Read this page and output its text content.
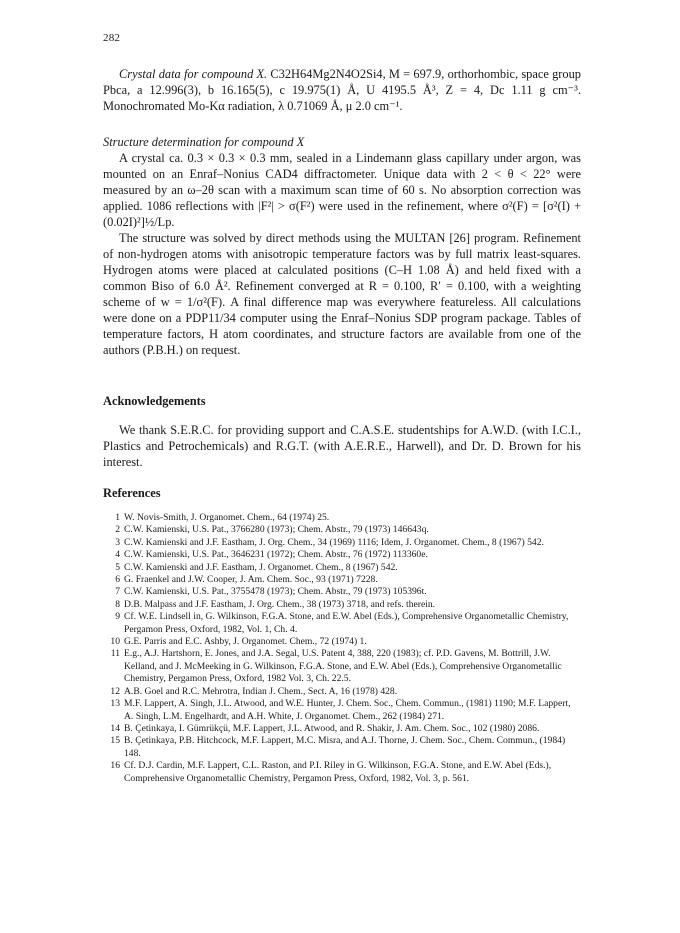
282

Crystal data for compound X. C32H64Mg2N4O2Si4, M = 697.9, orthorhombic, space group Pbca, a 12.996(3), b 16.165(5), c 19.975(1) Å, U 4195.5 Å³, Z = 4, Dc 1.11 g cm⁻³. Monochromated Mo-Kα radiation, λ 0.71069 Å, μ 2.0 cm⁻¹.

Structure determination for compound X

A crystal ca. 0.3 × 0.3 × 0.3 mm, sealed in a Lindemann glass capillary under argon, was mounted on an Enraf–Nonius CAD4 diffractometer. Unique data with 2 < θ < 22° were measured by an ω–2θ scan with a maximum scan time of 60 s. No absorption correction was applied. 1086 reflections with |F²| > σ(F²) were used in the refinement, where σ²(F) = [σ²(I) + (0.02I)²]½/Lp.

The structure was solved by direct methods using the MULTAN [26] program. Refinement of non-hydrogen atoms with anisotropic temperature factors was by full matrix least-squares. Hydrogen atoms were placed at calculated positions (C–H 1.08 Å) and held fixed with a common Biso of 6.0 Å². Refinement converged at R = 0.100, R′ = 0.100, with a weighting scheme of w = 1/σ²(F). A final difference map was everywhere featureless. All calculations were done on a PDP11/34 computer using the Enraf–Nonius SDP program package. Tables of temperature factors, H atom coordinates, and structure factors are available from one of the authors (P.B.H.) on request.

Acknowledgements

We thank S.E.R.C. for providing support and C.A.S.E. studentships for A.W.D. (with I.C.I., Plastics and Petrochemicals) and R.G.T. (with A.E.R.E., Harwell), and Dr. D. Brown for his interest.

References
1 W. Novis-Smith, J. Organomet. Chem., 64 (1974) 25.
2 C.W. Kamienski, U.S. Pat., 3766280 (1973); Chem. Abstr., 79 (1973) 146643q.
3 C.W. Kamienski and J.F. Eastham, J. Org. Chem., 34 (1969) 1116; Idem, J. Organomet. Chem., 8 (1967) 542.
4 C.W. Kamienski, U.S. Pat., 3646231 (1972); Chem. Abstr., 76 (1972) 113360e.
5 C.W. Kamienski and J.F. Eastham, J. Organomet. Chem., 8 (1967) 542.
6 G. Fraenkel and J.W. Cooper, J. Am. Chem. Soc., 93 (1971) 7228.
7 C.W. Kamienski, U.S. Pat., 3755478 (1973); Chem. Abstr., 79 (1973) 105396t.
8 D.B. Malpass and J.F. Eastham, J. Org. Chem., 38 (1973) 3718, and refs. therein.
9 Cf. W.E. Lindsell in, G. Wilkinson, F.G.A. Stone, and E.W. Abel (Eds.), Comprehensive Organometallic Chemistry, Pergamon Press, Oxford, 1982, Vol. 1, Ch. 4.
10 G.E. Parris and E.C. Ashby, J. Organomet. Chem., 72 (1974) 1.
11 E.g., A.J. Hartshorn, E. Jones, and J.A. Segal, U.S. Patent 4, 388, 220 (1983); cf. P.D. Gavens, M. Bottrill, J.W. Kelland, and J. McMeeking in G. Wilkinson, F.G.A. Stone, and E.W. Abel (Eds.), Comprehensive Organometallic Chemistry, Pergamon Press, Oxford, 1982 Vol. 3, Ch. 22.5.
12 A.B. Goel and R.C. Mehrotra, Indian J. Chem., Sect. A, 16 (1978) 428.
13 M.F. Lappert, A. Singh, J.L. Atwood, and W.E. Hunter, J. Chem. Soc., Chem. Commun., (1981) 1190; M.F. Lappert, A. Singh, L.M. Engelhardt, and A.H. White, J. Organomet. Chem., 262 (1984) 271.
14 B. Çetinkaya, I. Gümrükçü, M.F. Lappert, J.L. Atwood, and R. Shakir, J. Am. Chem. Soc., 102 (1980) 2086.
15 B. Çetinkaya, P.B. Hitchcock, M.F. Lappert, M.C. Misra, and A.J. Thorne, J. Chem. Soc., Chem. Commun., (1984) 148.
16 Cf. D.J. Cardin, M.F. Lappert, C.L. Raston, and P.I. Riley in G. Wilkinson, F.G.A. Stone, and E.W. Abel (Eds.), Comprehensive Organometallic Chemistry, Pergamon Press, Oxford, 1982, Vol. 3, p. 561.
